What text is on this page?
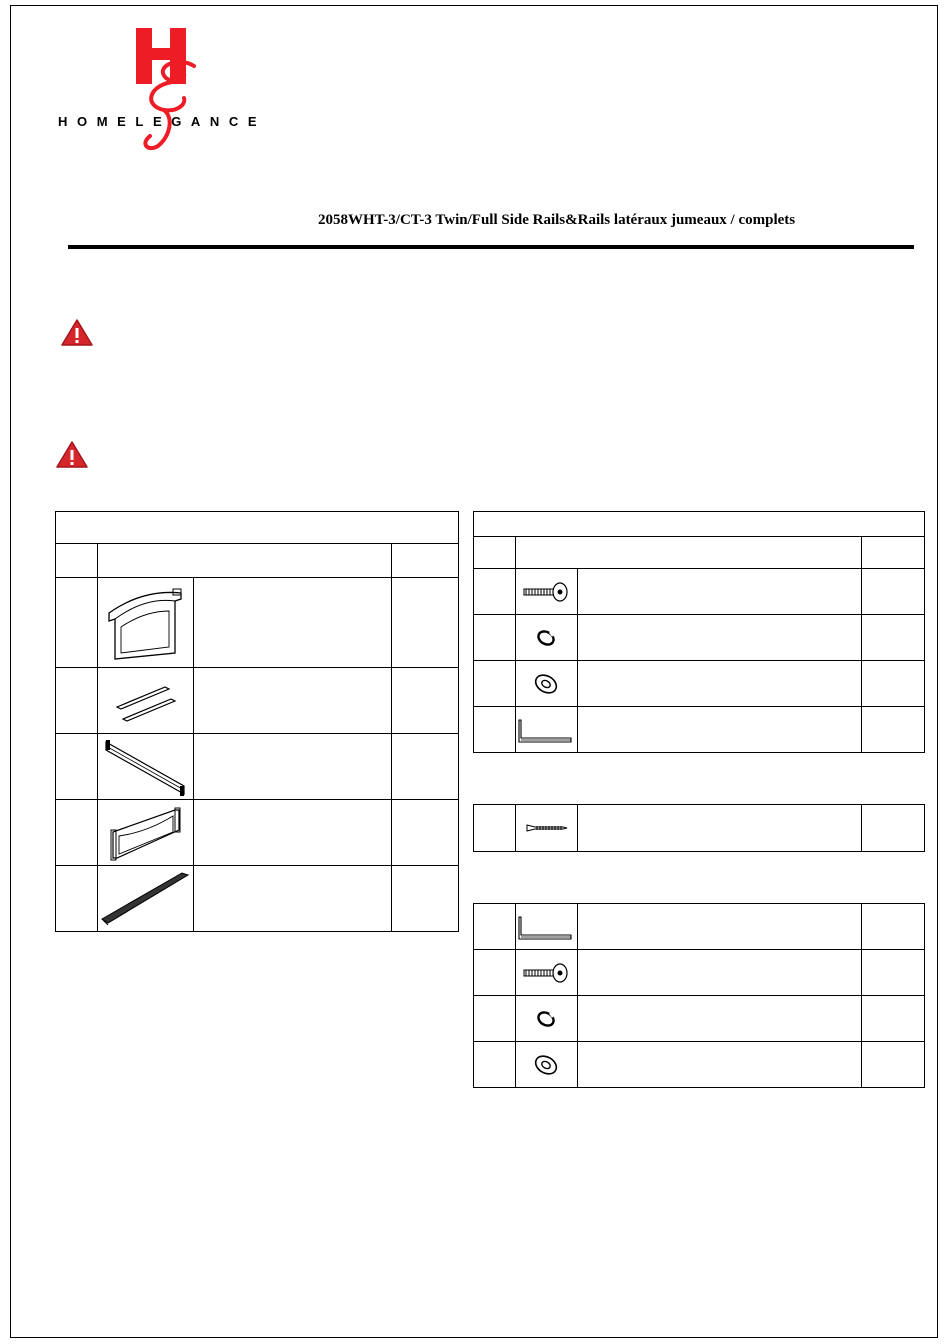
HOMELEGANCE
2058WHT-3/CT-3 Twin/Full Side Rails&Rails latéraux jumeaux / complets
